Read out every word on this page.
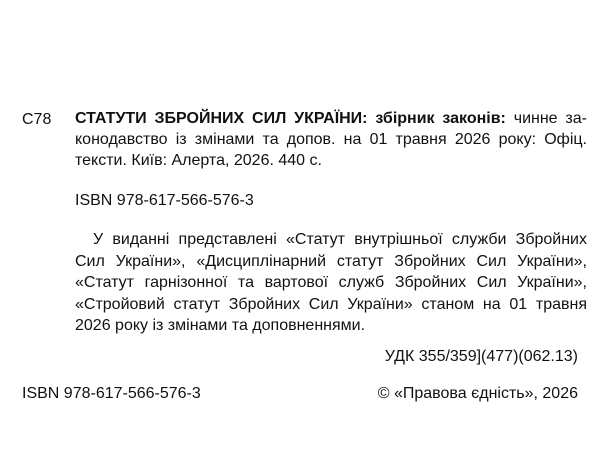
С78 СТАТУТИ ЗБРОЙНИХ СИЛ УКРАЇНИ: збірник законів: чинне законодавство із змінами та допов. на 01 травня 2026 року: Офіц. тексти. Київ: Алерта, 2026. 440 с.
ISBN 978-617-566-576-3
У виданні представлені «Статут внутрішньої служби Збройних Сил України», «Дисциплінарний статут Збройних Сил України», «Статут гарнізонної та вартової служб Збройних Сил України», «Стройовий статут Збройних Сил України» станом на 01 травня 2026 року із змінами та доповненнями.
УДК 355/359](477)(062.13)
ISBN 978-617-566-576-3	© «Правова єдність», 2026
